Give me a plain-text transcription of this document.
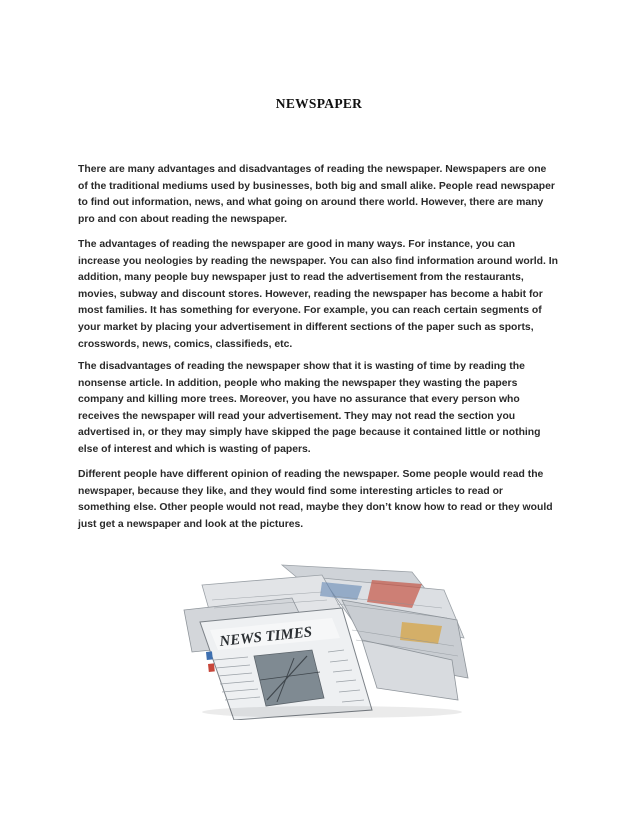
NEWSPAPER

There are many advantages and disadvantages of reading the newspaper. Newspapers are one of the traditional mediums used by businesses, both big and small alike. People read newspaper to find out information, news, and what going on around there world. However, there are many pro and con about reading the newspaper.

The advantages of reading the newspaper are good in many ways. For instance, you can increase you neologies by reading the newspaper. You can also find information around world. In addition, many people buy newspaper just to read the advertisement from the restaurants, movies, subway and discount stores. However, reading the newspaper has become a habit for most families. It has something for everyone. For example, you can reach certain segments of your market by placing your advertisement in different sections of the paper such as sports, crosswords, news, comics, classifieds, etc.

The disadvantages of reading the newspaper show that it is wasting of time by reading the nonsense article. In addition, people who making the newspaper they wasting the papers company and killing more trees. Moreover, you have no assurance that every person who receives the newspaper will read your advertisement. They may not read the section you advertised in, or they may simply have skipped the page because it contained little or nothing else of interest and which is wasting of papers.

Different people have different opinion of reading the newspaper. Some people would read the newspaper, because they like, and they would find some interesting articles to read or something else. Other people would not read, maybe they don’t know how to read or they would just get a newspaper and look at the pictures.

NEWS TIMES
